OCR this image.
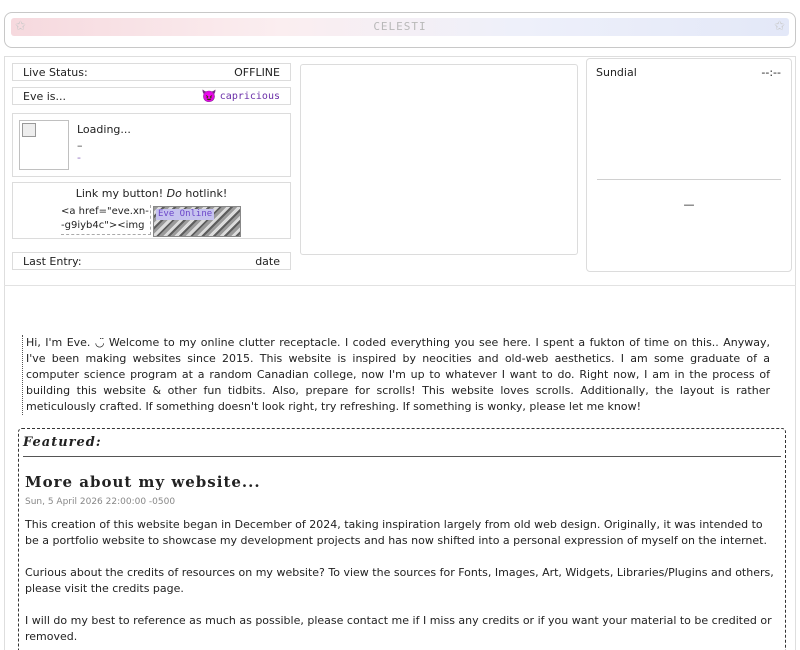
✩	CELESTI	✩
Live Status:	OFFLINE
Eve is...	😈 capricious
Loading...
–
-
Link my button! Do hotlink!
<a href="eve.xn--g9iyb4c"><img
Eve Online
Last Entry:	date
Sundial	--:--
—
Hi, I'm Eve. ◡̈ Welcome to my online clutter receptacle. I coded everything you see here. I spent a fukton of time on this.. Anyway, I've been making websites since 2015. This website is inspired by neocities and old-web aesthetics. I am some graduate of a computer science program at a random Canadian college, now I'm up to whatever I want to do. Right now, I am in the process of building this website & other fun tidbits. Also, prepare for scrolls! This website loves scrolls. Additionally, the layout is rather meticulously crafted. If something doesn't look right, try refreshing. If something is wonky, please let me know!
Featured:
More about my website...
Sun, 5 April 2026 22:00:00 -0500

This creation of this website began in December of 2024, taking inspiration largely from old web design. Originally, it was intended to be a portfolio website to showcase my development projects and has now shifted into a personal expression of myself on the internet.

Curious about the credits of resources on my website? To view the sources for Fonts, Images, Art, Widgets, Libraries/Plugins and others, please visit the credits page.

I will do my best to reference as much as possible, please contact me if I miss any credits or if you want your material to be credited or removed.
